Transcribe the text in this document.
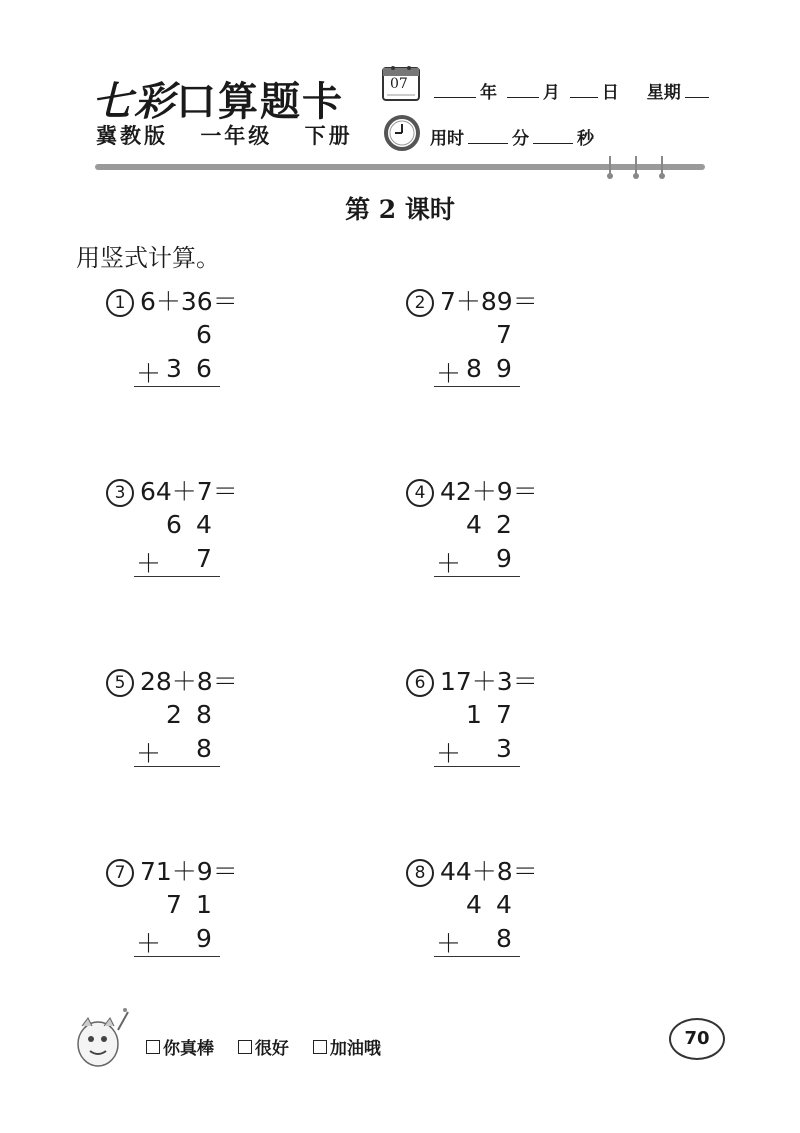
七彩口算题卡
冀教版 一年级 下册
07	年	月 日 星期
用时	分	秒
第 2 课时
用竖式计算。
1 6＋36＝
6
＋ 3 6
2 7＋89＝
7
＋ 8 9
3 64＋7＝
6 4
＋ 7
4 42＋9＝
4 2
＋ 9
5 28＋8＝
2 8
＋ 8
6 17＋3＝
1 7
＋ 3
7 71＋9＝
7 1
＋ 9
8 44＋8＝
4 4
＋ 8
你真棒
很好
加油哦	70
